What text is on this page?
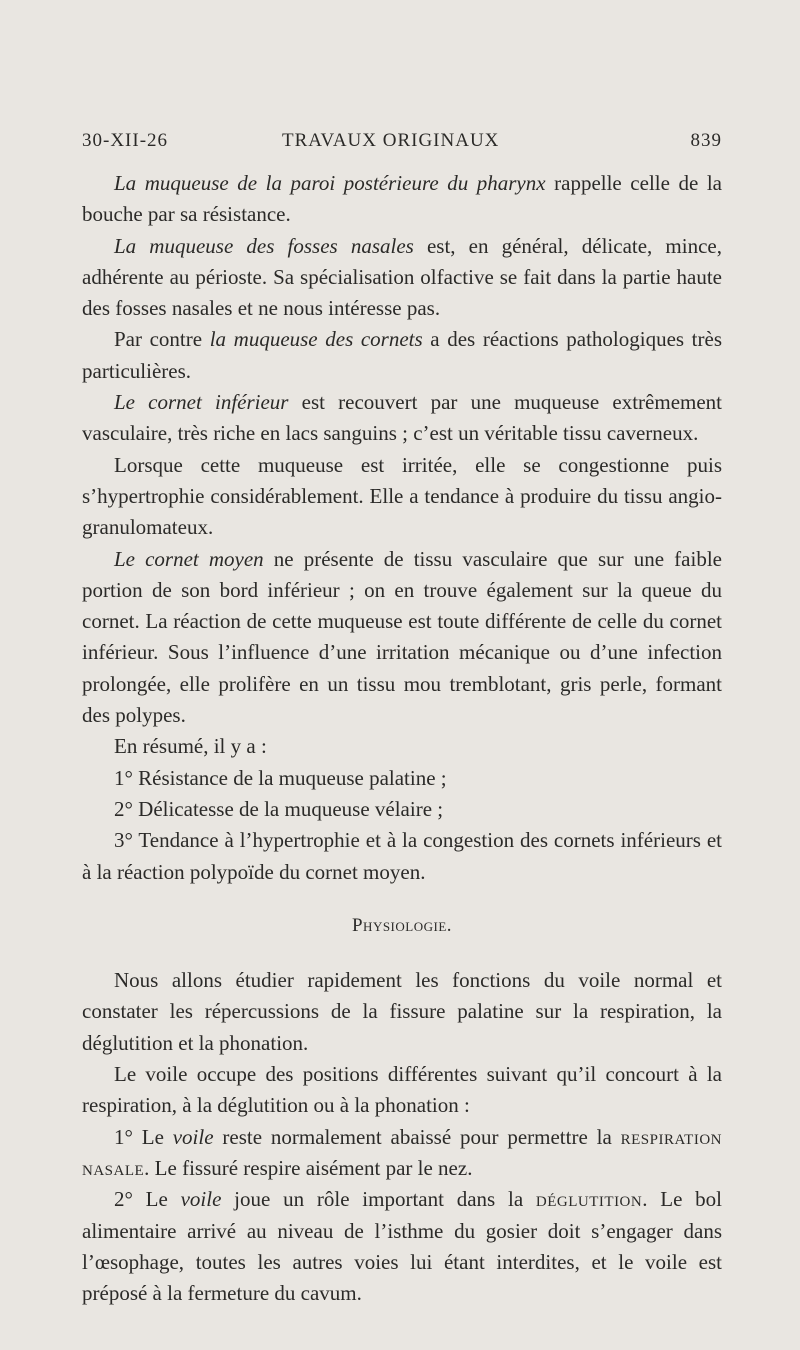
30-XII-26	TRAVAUX ORIGINAUX	839

La muqueuse de la paroi postérieure du pharynx rappelle celle de la bouche par sa résistance.

La muqueuse des fosses nasales est, en général, délicate, mince, adhérente au périoste. Sa spécialisation olfactive se fait dans la partie haute des fosses nasales et ne nous intéresse pas.

Par contre la muqueuse des cornets a des réactions pathologiques très particulières.

Le cornet inférieur est recouvert par une muqueuse extrêmement vasculaire, très riche en lacs sanguins ; c’est un véritable tissu caverneux.

Lorsque cette muqueuse est irritée, elle se congestionne puis s’hypertrophie considérablement. Elle a tendance à produire du tissu angio-granulomateux.

Le cornet moyen ne présente de tissu vasculaire que sur une faible portion de son bord inférieur ; on en trouve également sur la queue du cornet. La réaction de cette muqueuse est toute différente de celle du cornet inférieur. Sous l’influence d’une irritation mécanique ou d’une infection prolongée, elle prolifère en un tissu mou tremblotant, gris perle, formant des polypes.

En résumé, il y a :

1° Résistance de la muqueuse palatine ;

2° Délicatesse de la muqueuse vélaire ;

3° Tendance à l’hypertrophie et à la congestion des cornets inférieurs et à la réaction polypoïde du cornet moyen.

Physiologie.

Nous allons étudier rapidement les fonctions du voile normal et constater les répercussions de la fissure palatine sur la respiration, la déglutition et la phonation.

Le voile occupe des positions différentes suivant qu’il concourt à la respiration, à la déglutition ou à la phonation :

1° Le voile reste normalement abaissé pour permettre la respiration nasale. Le fissuré respire aisément par le nez.

2° Le voile joue un rôle important dans la déglutition. Le bol alimentaire arrivé au niveau de l’isthme du gosier doit s’engager dans l’œsophage, toutes les autres voies lui étant interdites, et le voile est préposé à la fermeture du cavum.
